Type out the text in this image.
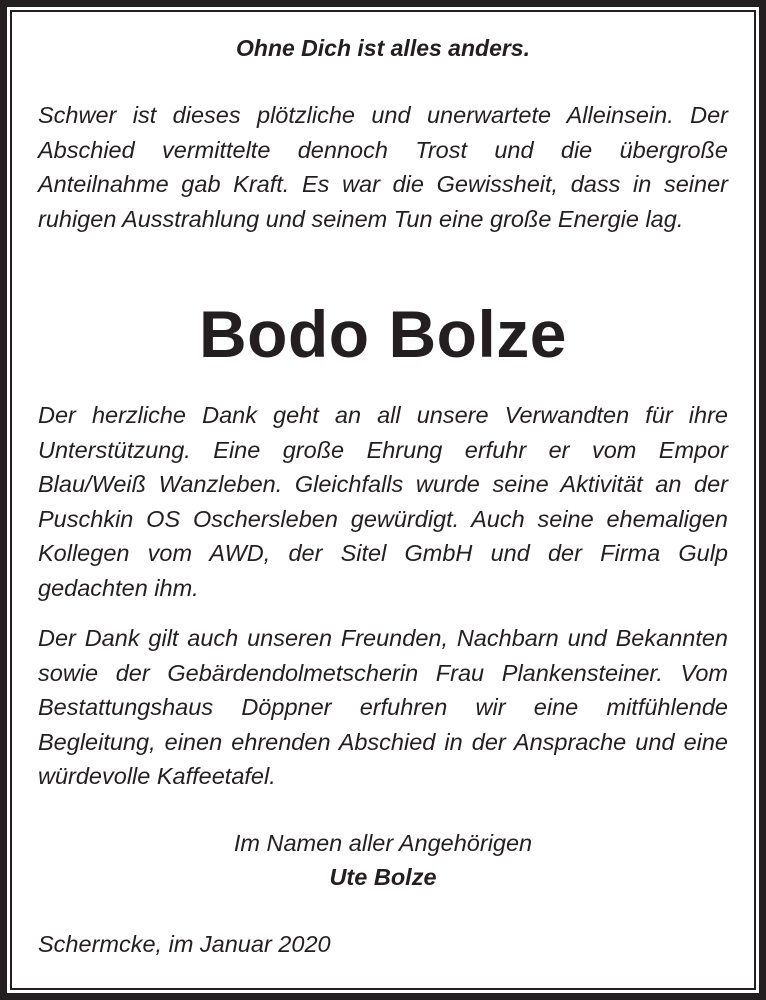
Ohne Dich ist alles anders.

Schwer ist dieses plötzliche und unerwartete Alleinsein. Der Abschied vermittelte dennoch Trost und die übergroße Anteilnahme gab Kraft. Es war die Gewissheit, dass in seiner ruhigen Ausstrahlung und seinem Tun eine große Energie lag.

Bodo Bolze

Der herzliche Dank geht an all unsere Verwandten für ihre Unterstützung. Eine große Ehrung erfuhr er vom Empor Blau/Weiß Wanzleben. Gleichfalls wurde seine Aktivität an der Puschkin OS Oschersleben gewürdigt. Auch seine ehemaligen Kollegen vom AWD, der Sitel GmbH und der Firma Gulp gedachten ihm.

Der Dank gilt auch unseren Freunden, Nachbarn und Bekannten sowie der Gebärdendolmetscherin Frau Plankensteiner. Vom Bestattungshaus Döppner erfuhren wir eine mitfühlende Begleitung, einen ehrenden Abschied in der Ansprache und eine würdevolle Kaffeetafel.

Im Namen aller Angehörigen
Ute Bolze
Schermcke, im Januar 2020
